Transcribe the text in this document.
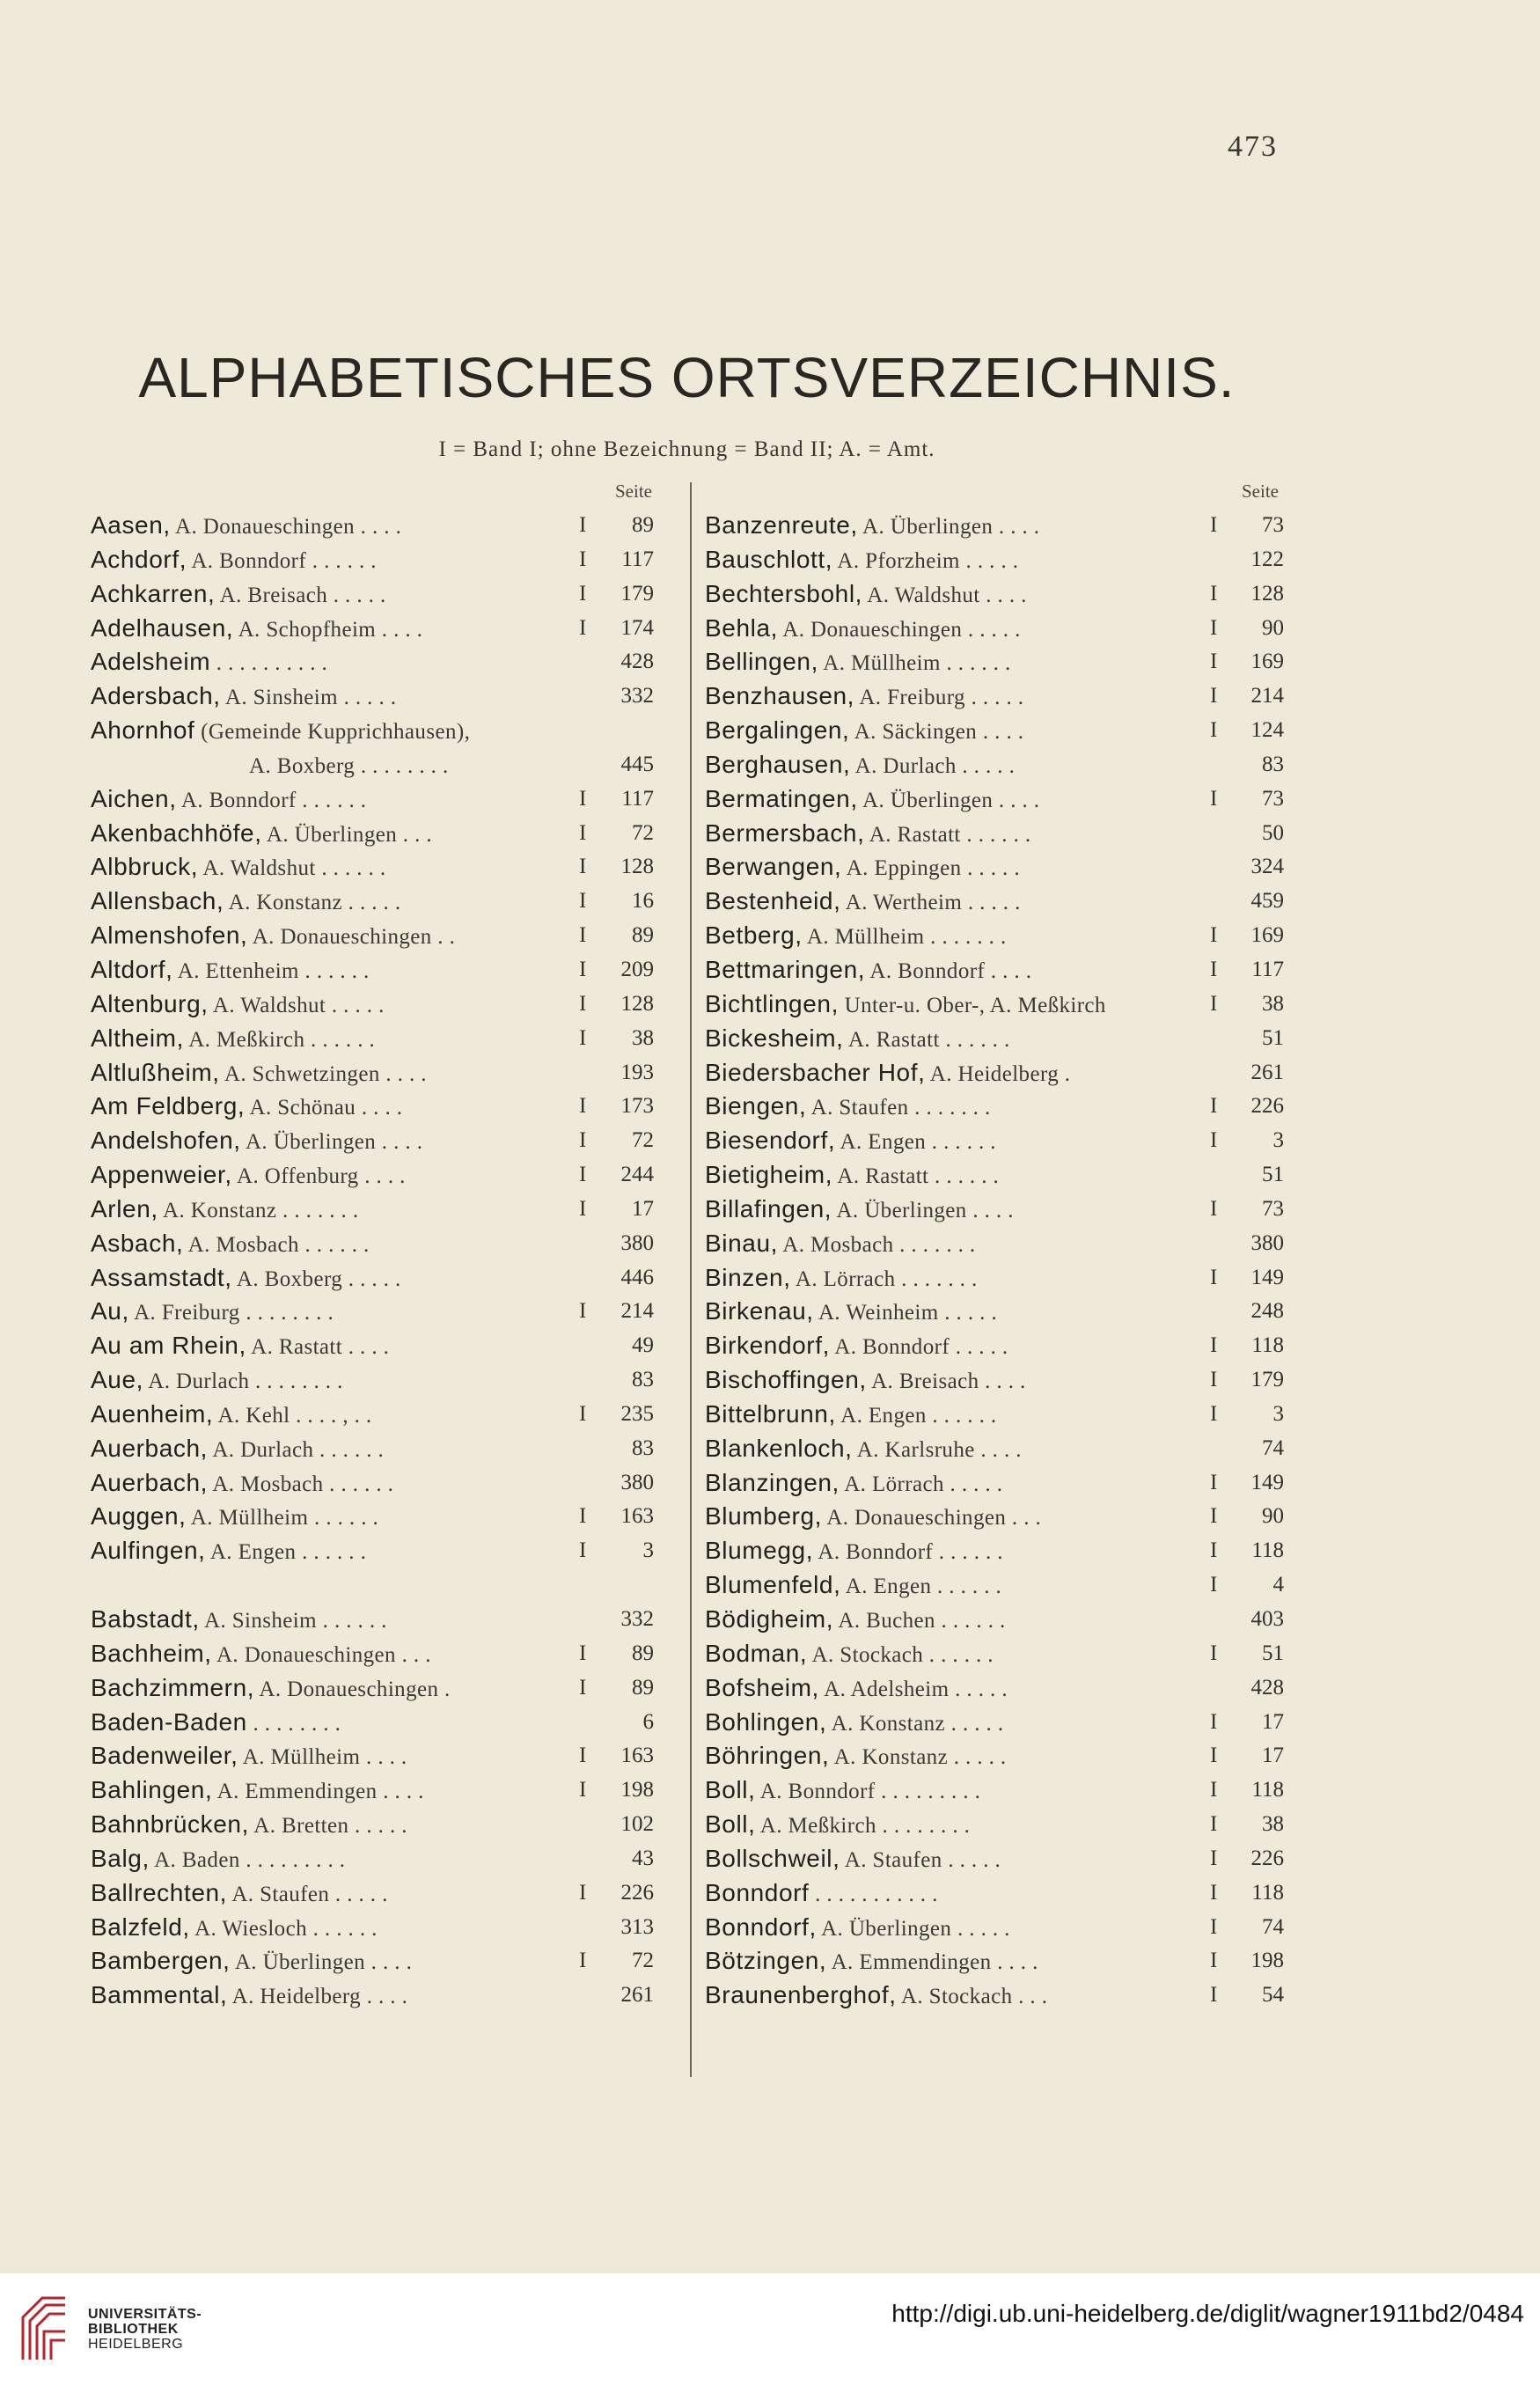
473
ALPHABETISCHES ORTSVERZEICHNIS.
I = Band I; ohne Bezeichnung = Band II; A. = Amt.
Seite
Aasen, A. Donaueschingen . . . .	I	89
Achdorf, A. Bonndorf . . . . . .	I	117
Achkarren, A. Breisach . . . . .	I	179
Adelhausen, A. Schopfheim . . . .	I	174
Adelsheim . . . . . . . . . .	428
Adersbach, A. Sinsheim . . . . .	332
Ahornhof (Gemeinde Kupprichhausen),
A. Boxberg . . . . . . . .	445
Aichen, A. Bonndorf . . . . . .	I	117
Akenbachhöfe, A. Überlingen . . .	I	72
Albbruck, A. Waldshut . . . . . .	I	128
Allensbach, A. Konstanz . . . . .	I	16
Almenshofen, A. Donaueschingen . .	I	89
Altdorf, A. Ettenheim . . . . . .	I	209
Altenburg, A. Waldshut . . . . .	I	128
Altheim, A. Meßkirch . . . . . .	I	38
Altlußheim, A. Schwetzingen . . . .	193
Am Feldberg, A. Schönau . . . .	I	173
Andelshofen, A. Überlingen . . . .	I	72
Appenweier, A. Offenburg . . . .	I	244
Arlen, A. Konstanz . . . . . . .	I	17
Asbach, A. Mosbach . . . . . .	380
Assamstadt, A. Boxberg . . . . .	446
Au, A. Freiburg . . . . . . . .	I	214
Au am Rhein, A. Rastatt . . . .	49
Aue, A. Durlach . . . . . . . .	83
Auenheim, A. Kehl . . . . , . .	I	235
Auerbach, A. Durlach . . . . . .	83
Auerbach, A. Mosbach . . . . . .	380
Auggen, A. Müllheim . . . . . .	I	163
Aulfingen, A. Engen . . . . . .	I	3
Babstadt, A. Sinsheim . . . . . .	332
Bachheim, A. Donaueschingen . . .	I	89
Bachzimmern, A. Donaueschingen .	I	89
Baden-Baden . . . . . . . .	6
Badenweiler, A. Müllheim . . . .	I	163
Bahlingen, A. Emmendingen . . . .	I	198
Bahnbrücken, A. Bretten . . . . .	102
Balg, A. Baden . . . . . . . . .	43
Ballrechten, A. Staufen . . . . .	I	226
Balzfeld, A. Wiesloch . . . . . .	313
Bambergen, A. Überlingen . . . .	I	72
Bammental, A. Heidelberg . . . .	261
Seite
Banzenreute, A. Überlingen . . . .	I	73
Bauschlott, A. Pforzheim . . . . .	122
Bechtersbohl, A. Waldshut . . . .	I	128
Behla, A. Donaueschingen . . . . .	I	90
Bellingen, A. Müllheim . . . . . .	I	169
Benzhausen, A. Freiburg . . . . .	I	214
Bergalingen, A. Säckingen . . . .	I	124
Berghausen, A. Durlach . . . . .	83
Bermatingen, A. Überlingen . . . .	I	73
Bermersbach, A. Rastatt . . . . . .	50
Berwangen, A. Eppingen . . . . .	324
Bestenheid, A. Wertheim . . . . .	459
Betberg, A. Müllheim . . . . . . .	I	169
Bettmaringen, A. Bonndorf . . . .	I	117
Bichtlingen, Unter-u. Ober-, A. Meßkirch	I	38
Bickesheim, A. Rastatt . . . . . .	51
Biedersbacher Hof, A. Heidelberg .	261
Biengen, A. Staufen . . . . . . .	I	226
Biesendorf, A. Engen . . . . . .	I	3
Bietigheim, A. Rastatt . . . . . .	51
Billafingen, A. Überlingen . . . .	I	73
Binau, A. Mosbach . . . . . . .	380
Binzen, A. Lörrach . . . . . . .	I	149
Birkenau, A. Weinheim . . . . .	248
Birkendorf, A. Bonndorf . . . . .	I	118
Bischoffingen, A. Breisach . . . .	I	179
Bittelbrunn, A. Engen . . . . . .	I	3
Blankenloch, A. Karlsruhe . . . .	74
Blanzingen, A. Lörrach . . . . .	I	149
Blumberg, A. Donaueschingen . . .	I	90
Blumegg, A. Bonndorf . . . . . .	I	118
Blumenfeld, A. Engen . . . . . .	I	4
Bödigheim, A. Buchen . . . . . .	403
Bodman, A. Stockach . . . . . .	I	51
Bofsheim, A. Adelsheim . . . . .	428
Bohlingen, A. Konstanz . . . . .	I	17
Böhringen, A. Konstanz . . . . .	I	17
Boll, A. Bonndorf . . . . . . . . .	I	118
Boll, A. Meßkirch . . . . . . . .	I	38
Bollschweil, A. Staufen . . . . .	I	226
Bonndorf . . . . . . . . . . .	I	118
Bonndorf, A. Überlingen . . . . .	I	74
Bötzingen, A. Emmendingen . . . .	I	198
Braunenberghof, A. Stockach . . .	I	54
UNIVERSITÄTS-
BIBLIOTHEK
HEIDELBERG
http://digi.ub.uni-heidelberg.de/diglit/wagner1911bd2/0484
